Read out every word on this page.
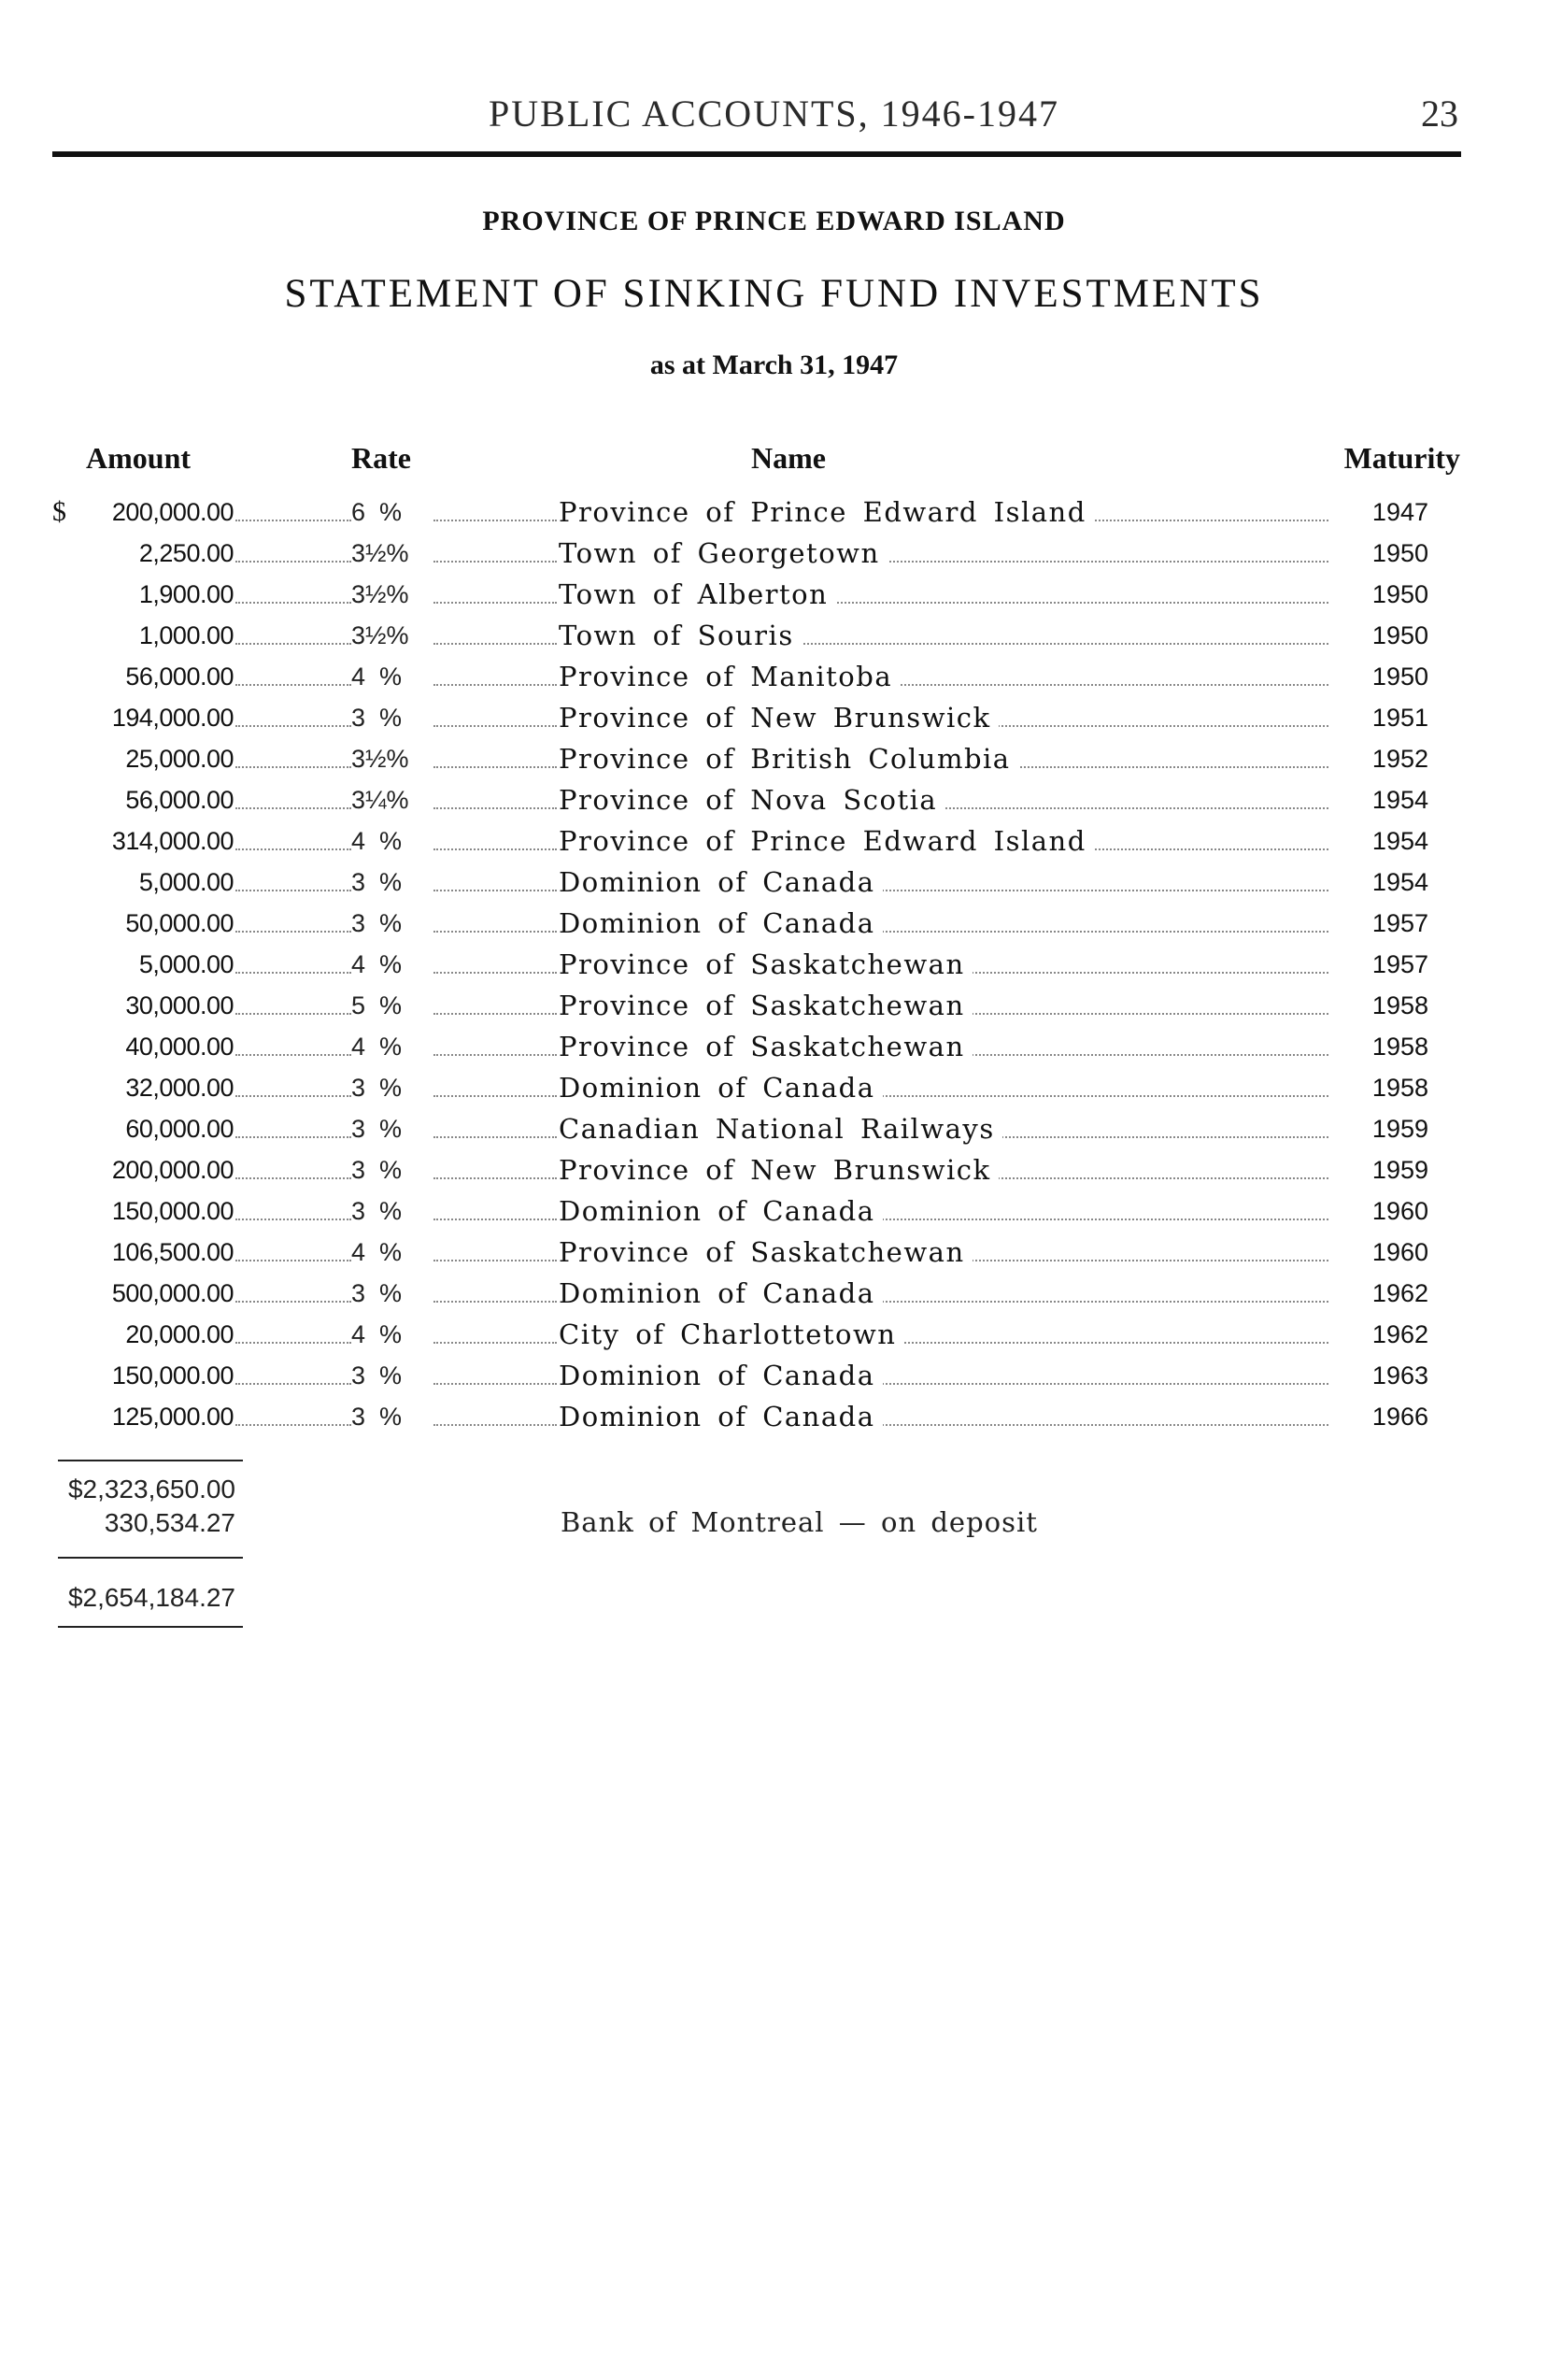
PUBLIC ACCOUNTS, 1946-1947	23
PROVINCE OF PRINCE EDWARD ISLAND
STATEMENT OF SINKING FUND INVESTMENTS
as at March 31, 1947
Amount	Rate	Name	Maturity
$	200,000.00	6  %	Province of Prince Edward Island	1947
2,250.00	3½%	Town of Georgetown	1950
1,900.00	3½%	Town of Alberton	1950
1,000.00	3½%	Town of Souris	1950
56,000.00	4  %	Province of Manitoba	1950
194,000.00	3  %	Province of New Brunswick	1951
25,000.00	3½%	Province of British Columbia	1952
56,000.00	3¼%	Province of Nova Scotia	1954
314,000.00	4  %	Province of Prince Edward Island	1954
5,000.00	3  %	Dominion of Canada	1954
50,000.00	3  %	Dominion of Canada	1957
5,000.00	4  %	Province of Saskatchewan	1957
30,000.00	5  %	Province of Saskatchewan	1958
40,000.00	4  %	Province of Saskatchewan	1958
32,000.00	3  %	Dominion of Canada	1958
60,000.00	3  %	Canadian National Railways	1959
200,000.00	3  %	Province of New Brunswick	1959
150,000.00	3  %	Dominion of Canada	1960
106,500.00	4  %	Province of Saskatchewan	1960
500,000.00	3  %	Dominion of Canada	1962
20,000.00	4  %	City of Charlottetown	1962
150,000.00	3  %	Dominion of Canada	1963
125,000.00	3  %	Dominion of Canada	1966
$2,323,650.00
330,534.27	Bank of Montreal — on deposit
$2,654,184.27
